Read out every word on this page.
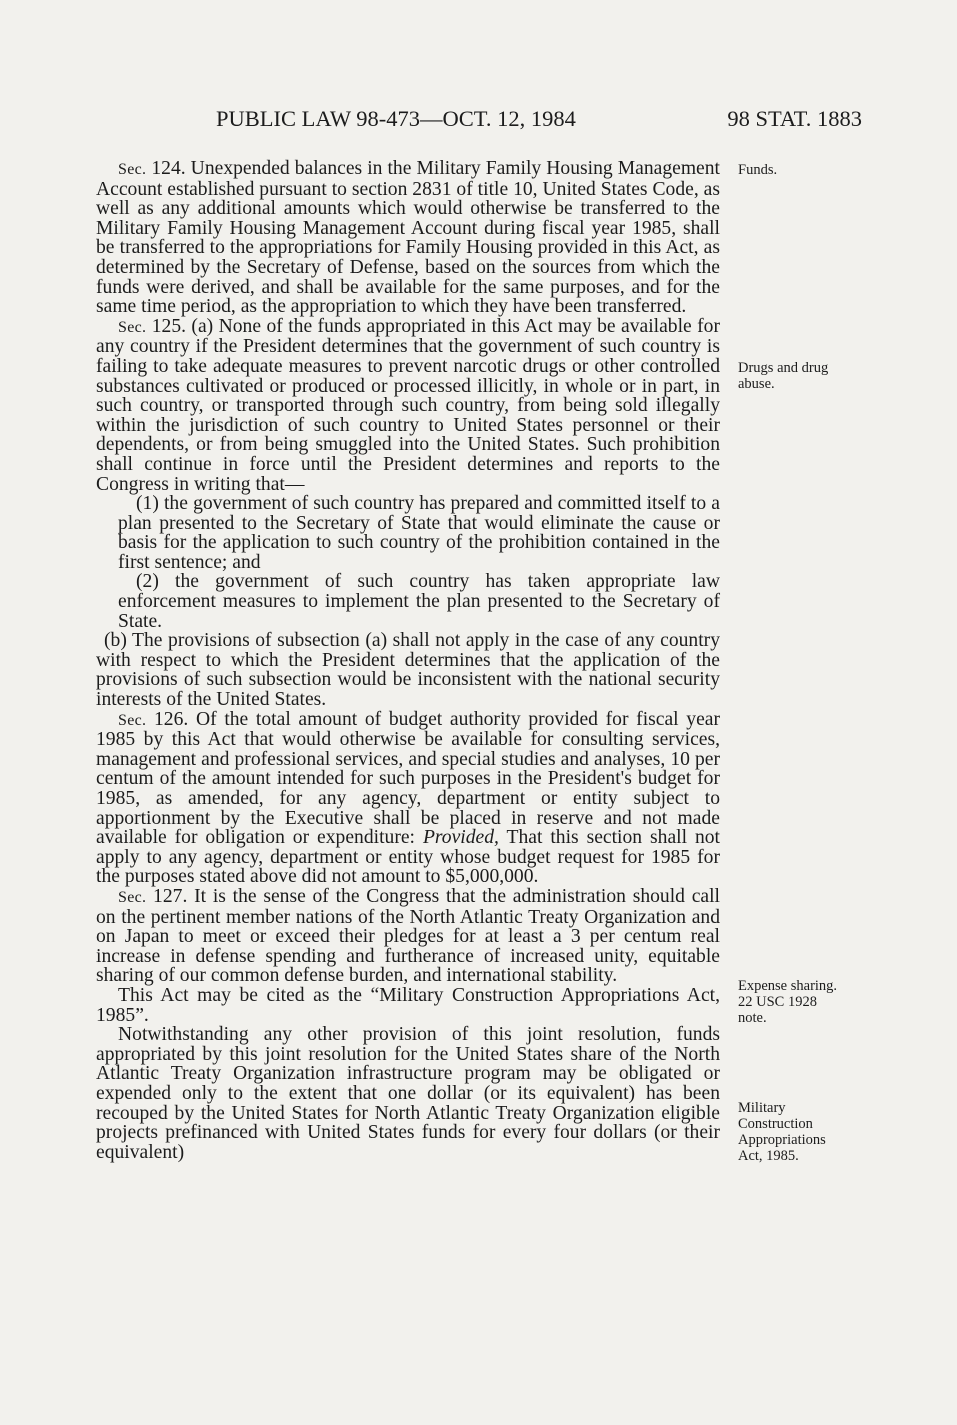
PUBLIC LAW 98-473—OCT. 12, 1984	98 STAT. 1883

Sec. 124. Unexpended balances in the Military Family Housing Management Account established pursuant to section 2831 of title 10, United States Code, as well as any additional amounts which would otherwise be transferred to the Military Family Housing Management Account during fiscal year 1985, shall be transferred to the appropriations for Family Housing provided in this Act, as determined by the Secretary of Defense, based on the sources from which the funds were derived, and shall be available for the same purposes, and for the same time period, as the appropriation to which they have been transferred.

Sec. 125. (a) None of the funds appropriated in this Act may be available for any country if the President determines that the government of such country is failing to take adequate measures to prevent narcotic drugs or other controlled substances cultivated or produced or processed illicitly, in whole or in part, in such country, or transported through such country, from being sold illegally within the jurisdiction of such country to United States personnel or their dependents, or from being smuggled into the United States. Such prohibition shall continue in force until the President determines and reports to the Congress in writing that—

(1) the government of such country has prepared and committed itself to a plan presented to the Secretary of State that would eliminate the cause or basis for the application to such country of the prohibition contained in the first sentence; and

(2) the government of such country has taken appropriate law enforcement measures to implement the plan presented to the Secretary of State.

(b) The provisions of subsection (a) shall not apply in the case of any country with respect to which the President determines that the application of the provisions of such subsection would be inconsistent with the national security interests of the United States.

Sec. 126. Of the total amount of budget authority provided for fiscal year 1985 by this Act that would otherwise be available for consulting services, management and professional services, and special studies and analyses, 10 per centum of the amount intended for such purposes in the President's budget for 1985, as amended, for any agency, department or entity subject to apportionment by the Executive shall be placed in reserve and not made available for obligation or expenditure: Provided, That this section shall not apply to any agency, department or entity whose budget request for 1985 for the purposes stated above did not amount to $5,000,000.

Sec. 127. It is the sense of the Congress that the administration should call on the pertinent member nations of the North Atlantic Treaty Organization and on Japan to meet or exceed their pledges for at least a 3 per centum real increase in defense spending and furtherance of increased unity, equitable sharing of our common defense burden, and international stability.

This Act may be cited as the “Military Construction Appropriations Act, 1985”.

Notwithstanding any other provision of this joint resolution, funds appropriated by this joint resolution for the United States share of the North Atlantic Treaty Organization infrastructure program may be obligated or expended only to the extent that one dollar (or its equivalent) has been recouped by the United States for North Atlantic Treaty Organization eligible projects prefinanced with United States funds for every four dollars (or their equivalent)

Funds.
Drugs and drug
abuse.
Expense sharing.
22 USC 1928
note.
Military
Construction
Appropriations
Act, 1985.
